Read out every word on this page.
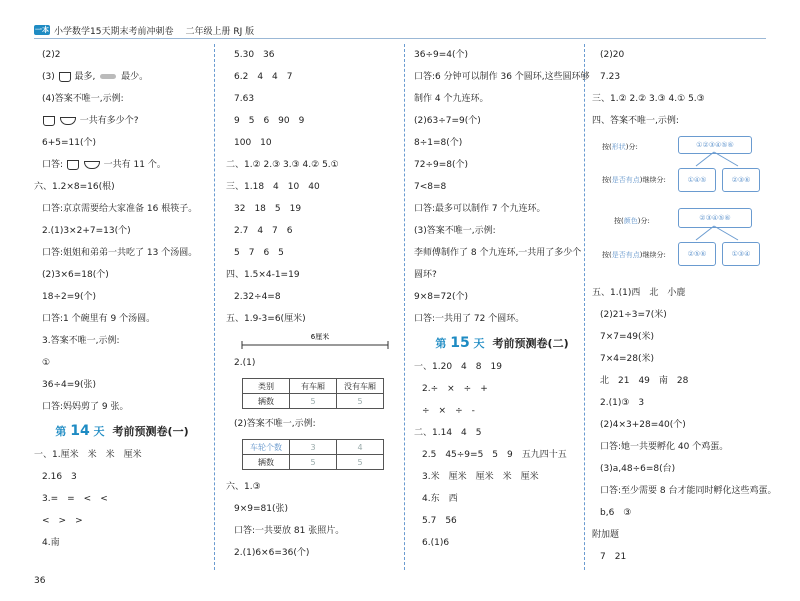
一本 小学数学15天期末考前冲刺卷 二年级上册 RJ 版
(2)2
(3) 最多,	最少。
(4)答案不唯一,示例:
一共有多少个?
6+5=11(个)
口答:	一共有 11 个。
六、1.2×8=16(根)
口答:京京需要给大家准备 16 根筷子。
2.(1)3×2+7=13(个)
口答:姐姐和弟弟一共吃了 13 个汤圆。
(2)3×6=18(个)
18÷2=9(个)
口答:1 个碗里有 9 个汤圆。
3.答案不唯一,示例:
①
36÷4=9(张)
口答:妈妈剪了 9 张。
第 14 天 考前预测卷(一)
一、1.厘米　米　米　厘米
2.16　3
3.=　=　<　<
<　>　>
4.南
5.30　36
6.2　4　4　7
7.63
9　5　6　90　9
100　10
二、1.② 2.③ 3.③ 4.② 5.①
三、1.18　4　10　40
32　18　5　19
2.7　4　7　6
5　7　6　5
四、1.5×4-1=19
2.32÷4=8
五、1.9-3=6(厘米)
6厘米
2.(1)
类别	有车厢	没有车厢
辆数	5	5
(2)答案不唯一,示例:
车轮个数	3	4
辆数	5	5
六、1.③
9×9=81(张)
口答:一共要放 81 张照片。
2.(1)6×6=36(个)
36÷9=4(个)
口答:6 分钟可以制作 36 个圆环,这些圆环够
制作 4 个九连环。
(2)63÷7=9(个)
8÷1=8(个)
72÷9=8(个)
7<8=8
口答:最多可以制作 7 个九连环。
(3)答案不唯一,示例:
李师傅制作了 8 个九连环,一共用了多少个
圆环?
9×8=72(个)
口答:一共用了 72 个圆环。
第 15 天 考前预测卷(二)
一、1.20　4　8　19
2.÷　×　÷　+
÷　×　÷　-
二、1.14　4　5
2.5　45÷9=5　5　9　五九四十五
3.米　厘米　厘米　米　厘米
4.东　西
5.7　56
6.(1)6
(2)20
7.23
三、1.② 2.② 3.③ 4.① 5.③
四、答案不唯一,示例:
按(形状)分:	①②③④⑤⑥
按(是否有点)继续分:	①④⑤	②③⑥
按(颜色)分:	②③④⑤⑥
按(是否有点)继续分:	②⑤⑥	①③④
五、1.(1)西　北　小鹿
(2)21÷3=7(米)
7×7=49(米)
7×4=28(米)
北　21　49　南　28
2.(1)③　3
(2)4×3+28=40(个)
口答:她一共要孵化 40 个鸡蛋。
(3)a,48÷6=8(台)
口答:至少需要 8 台才能同时孵化这些鸡蛋。
b,6　③
附加题
7　21
36
